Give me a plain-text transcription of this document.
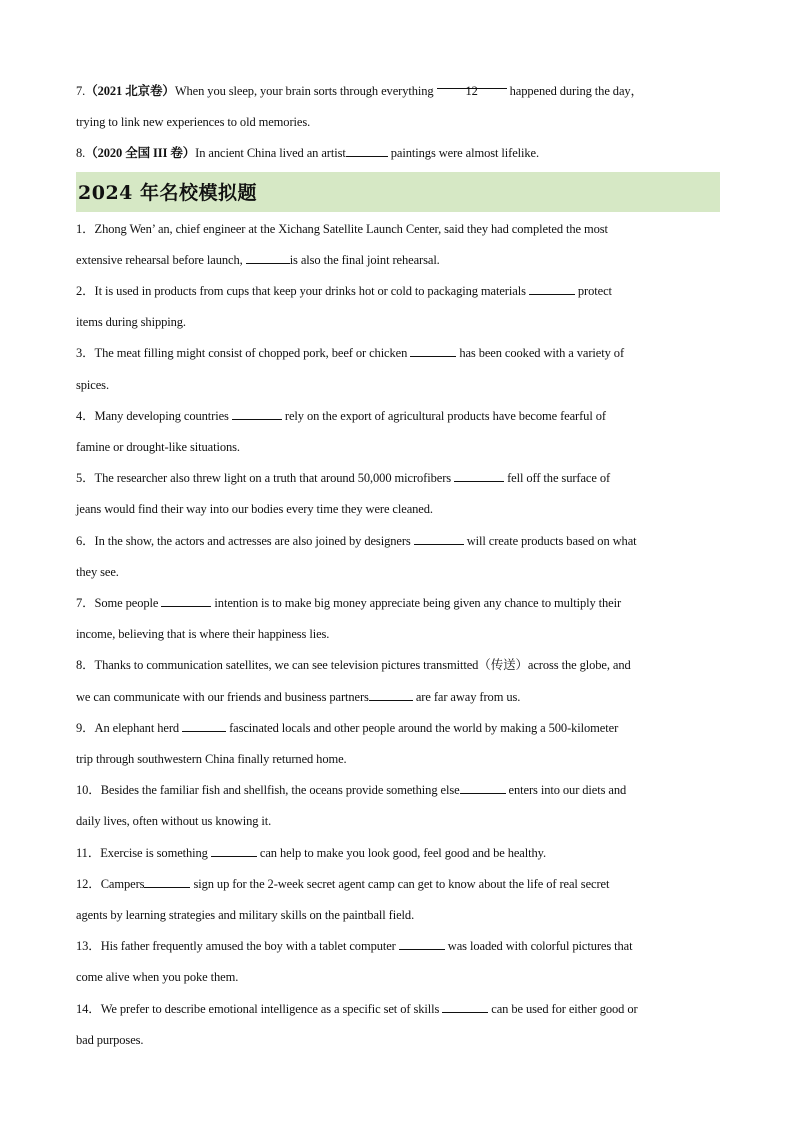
7.（2021 北京卷）When you sleep, your brain sorts through everything 12 happened during the day，
trying to link new experiences to old memories.
8.（2020 全国 III 卷）In ancient China lived an artist	paintings were almost lifelike.
2024 年名校模拟题
1．Zhong Wen’ an, chief engineer at the Xichang Satellite Launch Center, said they had completed the most
extensive rehearsal before launch,	is also the final joint rehearsal.
2．It is used in products from cups that keep your drinks hot or cold to packaging materials	protect
items during shipping.
3．The meat filling might consist of chopped pork, beef or chicken	has been cooked with a variety of
spices.
4．Many developing countries	rely on the export of agricultural products have become fearful of
famine or drought-like situations.
5．The researcher also threw light on a truth that around 50,000 microfibers	fell off the surface of
jeans would find their way into our bodies every time they were cleaned.
6．In the show, the actors and actresses are also joined by designers	will create products based on what
they see.
7．Some people	intention is to make big money appreciate being given any chance to multiply their
income, believing that is where their happiness lies.
8．Thanks to communication satellites, we can see television pictures transmitted（传送）across the globe, and
we can communicate with our friends and business partners	are far away from us.
9．An elephant herd	fascinated locals and other people around the world by making a 500-kilometer
trip through southwestern China finally returned home.
10．Besides the familiar fish and shellfish, the oceans provide something else	enters into our diets and
daily lives, often without us knowing it.
11．Exercise is something	can help to make you look good, feel good and be healthy.
12．Campers	sign up for the 2-week secret agent camp can get to know about the life of real secret
agents by learning strategies and military skills on the paintball field.
13．His father frequently amused the boy with a tablet computer	was loaded with colorful pictures that
come alive when you poke them.
14．We prefer to describe emotional intelligence as a specific set of skills	can be used for either good or
bad purposes.
